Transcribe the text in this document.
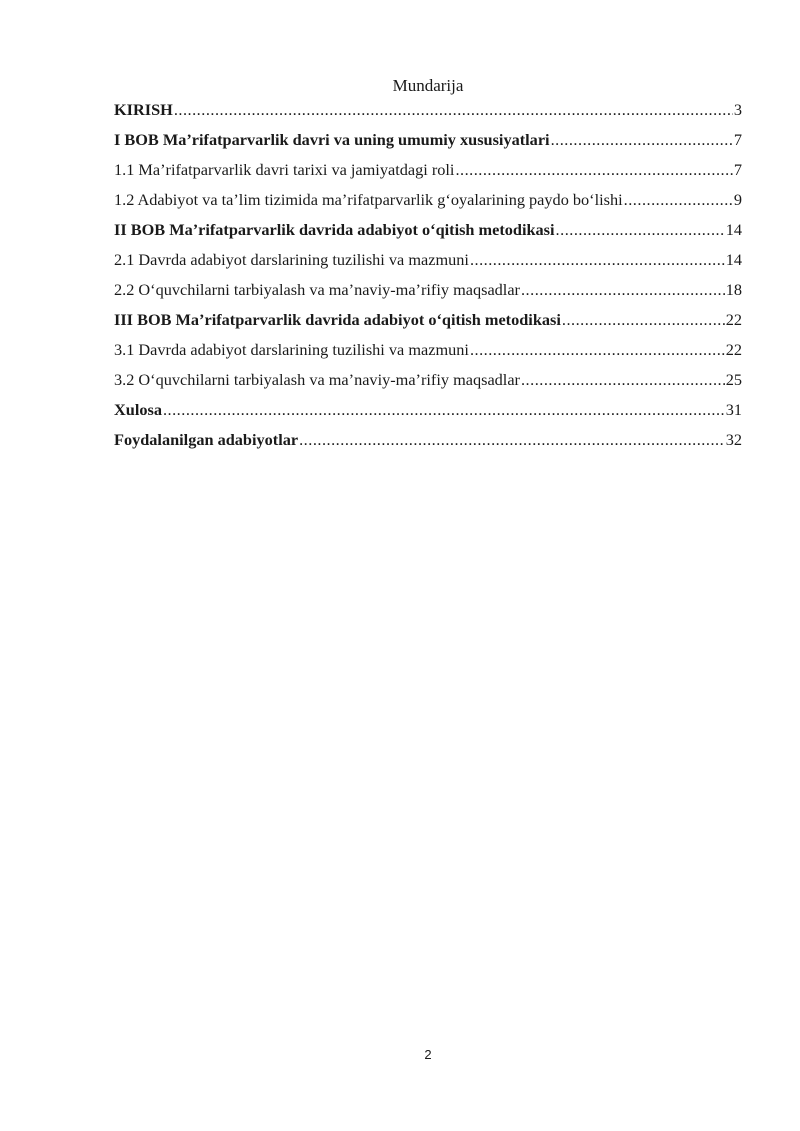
Mundarija
KIRISH .....	3
I BOB Ma’rifatparvarlik davri va uning umumiy xususiyatlari .....	7
1.1 Ma’rifatparvarlik davri tarixi va jamiyatdagi roli .....	7
1.2 Adabiyot va ta’lim tizimida ma’rifatparvarlik g‘oyalarining paydo bo‘lishi .....	9
II BOB Ma’rifatparvarlik davrida adabiyot o‘qitish metodikasi .....	14
2.1 Davrda adabiyot darslarining tuzilishi va mazmuni .....	14
2.2 O‘quvchilarni tarbiyalash va ma’naviy-ma’rifiy maqsadlar .....	18
III BOB Ma’rifatparvarlik davrida adabiyot o‘qitish metodikasi .....	22
3.1 Davrda adabiyot darslarining tuzilishi va mazmuni .....	22
3.2 O‘quvchilarni tarbiyalash va ma’naviy-ma’rifiy maqsadlar .....	25
Xulosa .....	31
Foydalanilgan adabiyotlar .....	32
2
